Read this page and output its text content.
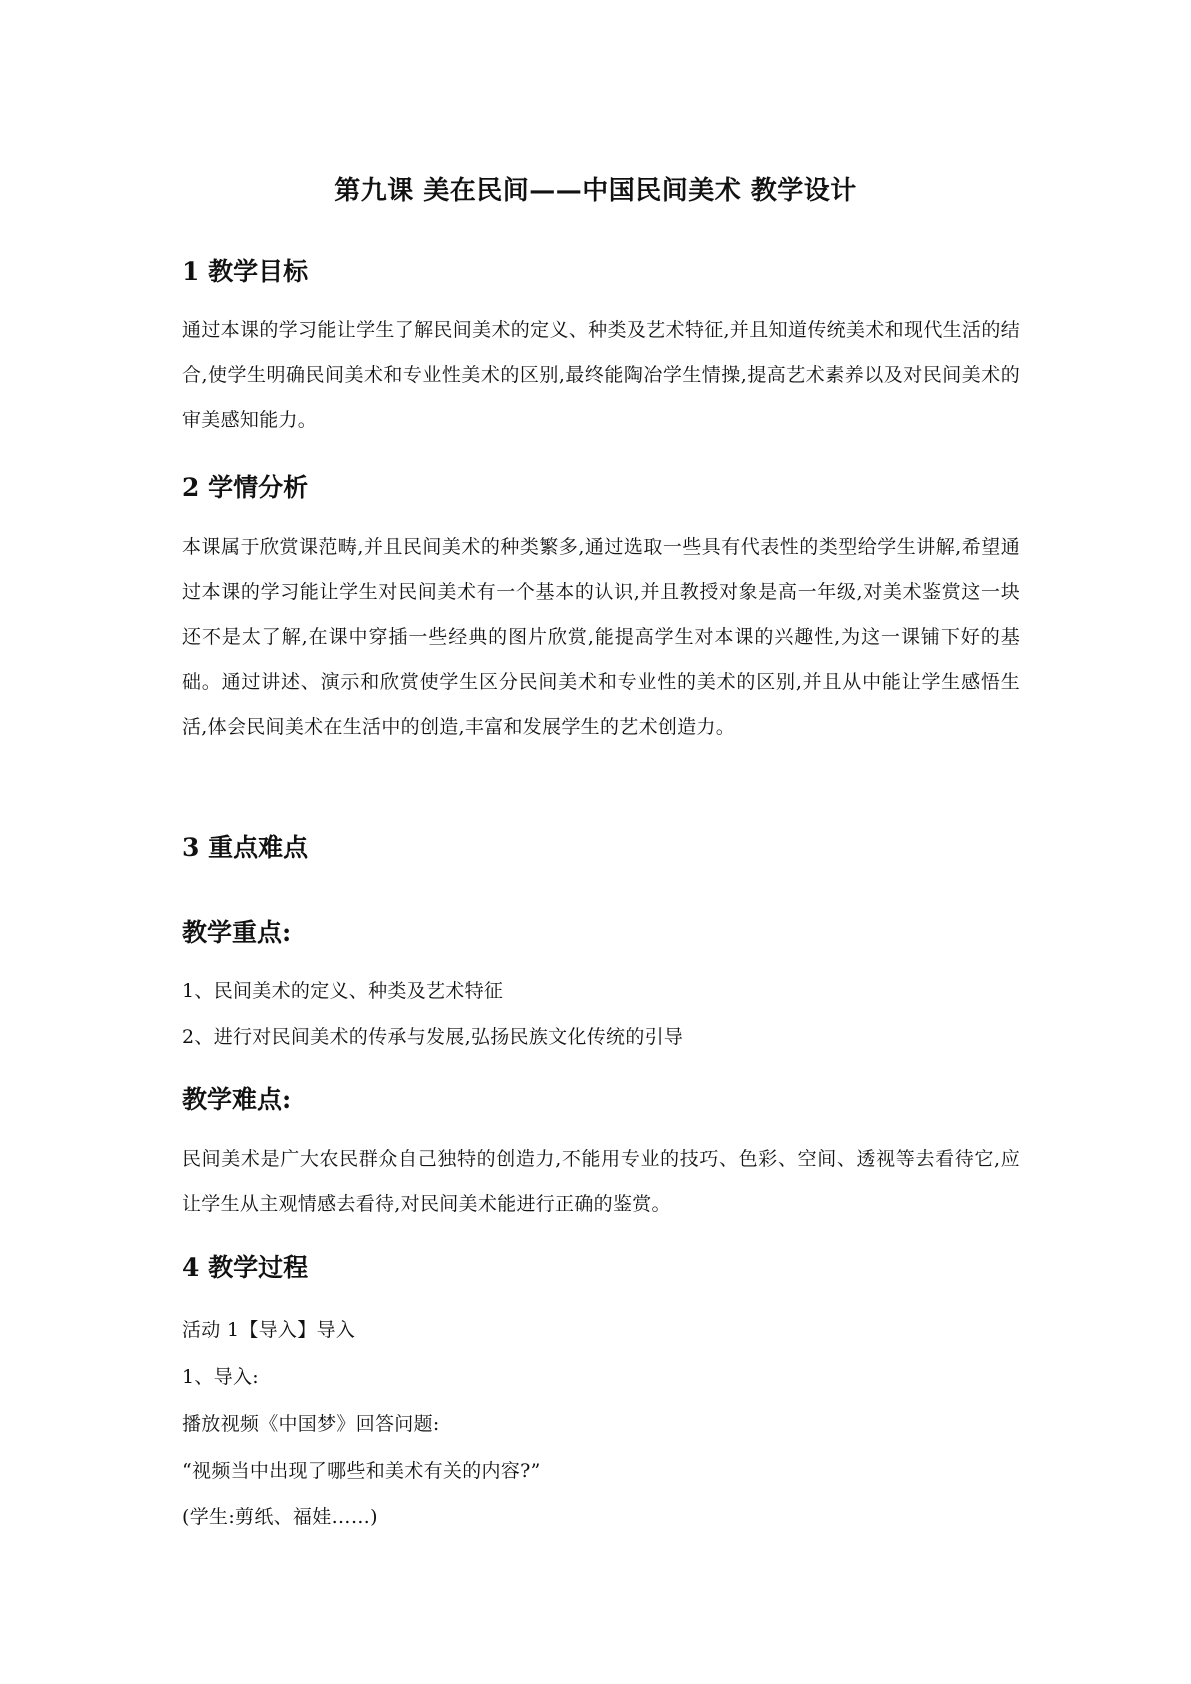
第九课 美在民间——中国民间美术 教学设计
1 教学目标
通过本课的学习能让学生了解民间美术的定义、种类及艺术特征,并且知道传统美术和现代生活的结合,使学生明确民间美术和专业性美术的区别,最终能陶冶学生情操,提高艺术素养以及对民间美术的审美感知能力。
2 学情分析
本课属于欣赏课范畴,并且民间美术的种类繁多,通过选取一些具有代表性的类型给学生讲解,希望通过本课的学习能让学生对民间美术有一个基本的认识,并且教授对象是高一年级,对美术鉴赏这一块还不是太了解,在课中穿插一些经典的图片欣赏,能提高学生对本课的兴趣性,为这一课铺下好的基础。通过讲述、演示和欣赏使学生区分民间美术和专业性的美术的区别,并且从中能让学生感悟生活,体会民间美术在生活中的创造,丰富和发展学生的艺术创造力。
3 重点难点
教学重点:
1、民间美术的定义、种类及艺术特征
2、进行对民间美术的传承与发展,弘扬民族文化传统的引导
教学难点:
民间美术是广大农民群众自己独特的创造力,不能用专业的技巧、色彩、空间、透视等去看待它,应让学生从主观情感去看待,对民间美术能进行正确的鉴赏。
4 教学过程
活动 1【导入】导入
1、导入:
播放视频《中国梦》回答问题:
“视频当中出现了哪些和美术有关的内容?”
(学生:剪纸、福娃……)
